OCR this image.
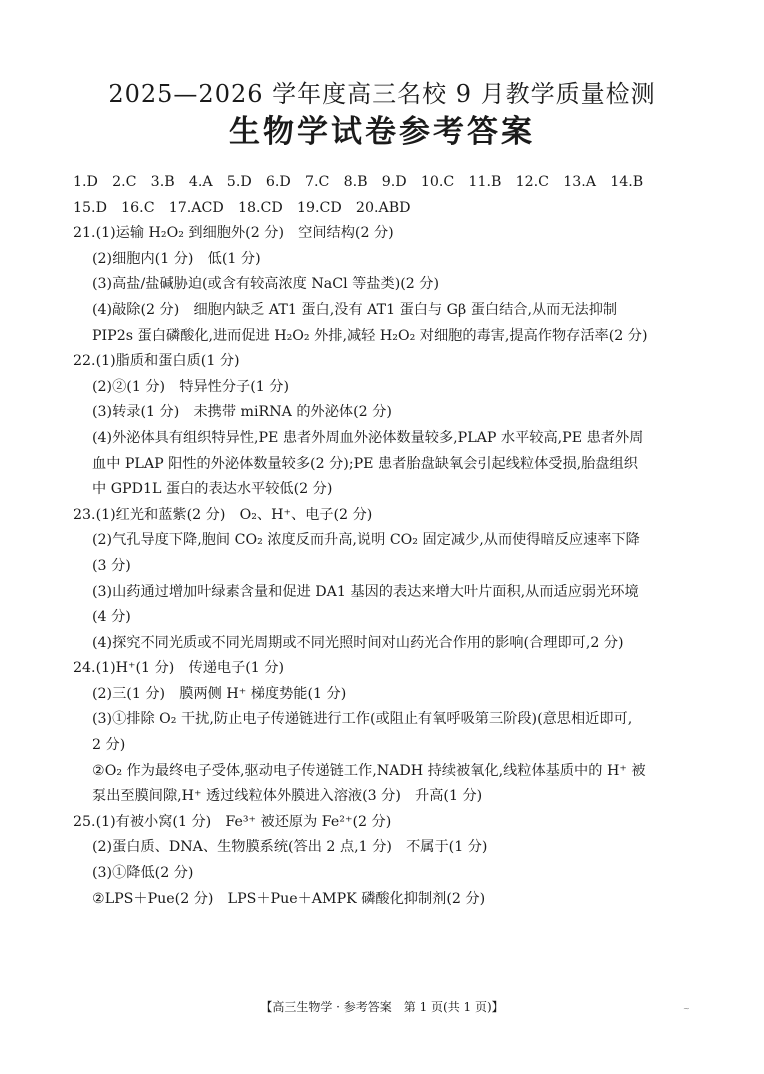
2025—2026 学年度高三名校 9 月教学质量检测
生物学试卷参考答案
1.D　2.C　3.B　4.A　5.D　6.D　7.C　8.B　9.D　10.C　11.B　12.C　13.A　14.B
15.D　16.C　17.ACD　18.CD　19.CD　20.ABD
21.(1)运输 H₂O₂ 到细胞外(2 分)　空间结构(2 分)
(2)细胞内(1 分)　低(1 分)
(3)高盐/盐碱胁迫(或含有较高浓度 NaCl 等盐类)(2 分)
(4)敲除(2 分)　细胞内缺乏 AT1 蛋白,没有 AT1 蛋白与 Gβ 蛋白结合,从而无法抑制
PIP2s 蛋白磷酸化,进而促进 H₂O₂ 外排,减轻 H₂O₂ 对细胞的毒害,提高作物存活率(2 分)
22.(1)脂质和蛋白质(1 分)
(2)②(1 分)　特异性分子(1 分)
(3)转录(1 分)　未携带 miRNA 的外泌体(2 分)
(4)外泌体具有组织特异性,PE 患者外周血外泌体数量较多,PLAP 水平较高,PE 患者外周
血中 PLAP 阳性的外泌体数量较多(2 分);PE 患者胎盘缺氧会引起线粒体受损,胎盘组织
中 GPD1L 蛋白的表达水平较低(2 分)
23.(1)红光和蓝紫(2 分)　O₂、H⁺、电子(2 分)
(2)气孔导度下降,胞间 CO₂ 浓度反而升高,说明 CO₂ 固定减少,从而使得暗反应速率下降
(3 分)
(3)山药通过增加叶绿素含量和促进 DA1 基因的表达来增大叶片面积,从而适应弱光环境
(4 分)
(4)探究不同光质或不同光周期或不同光照时间对山药光合作用的影响(合理即可,2 分)
24.(1)H⁺(1 分)　传递电子(1 分)
(2)三(1 分)　膜两侧 H⁺ 梯度势能(1 分)
(3)①排除 O₂ 干扰,防止电子传递链进行工作(或阻止有氧呼吸第三阶段)(意思相近即可,
2 分)
②O₂ 作为最终电子受体,驱动电子传递链工作,NADH 持续被氧化,线粒体基质中的 H⁺ 被
泵出至膜间隙,H⁺ 透过线粒体外膜进入溶液(3 分)　升高(1 分)
25.(1)有被小窝(1 分)　Fe³⁺ 被还原为 Fe²⁺(2 分)
(2)蛋白质、DNA、生物膜系统(答出 2 点,1 分)　不属于(1 分)
(3)①降低(2 分)
②LPS＋Pue(2 分)　LPS＋Pue＋AMPK 磷酸化抑制剂(2 分)
【高三生物学 · 参考答案　第 1 页(共 1 页)】	~
